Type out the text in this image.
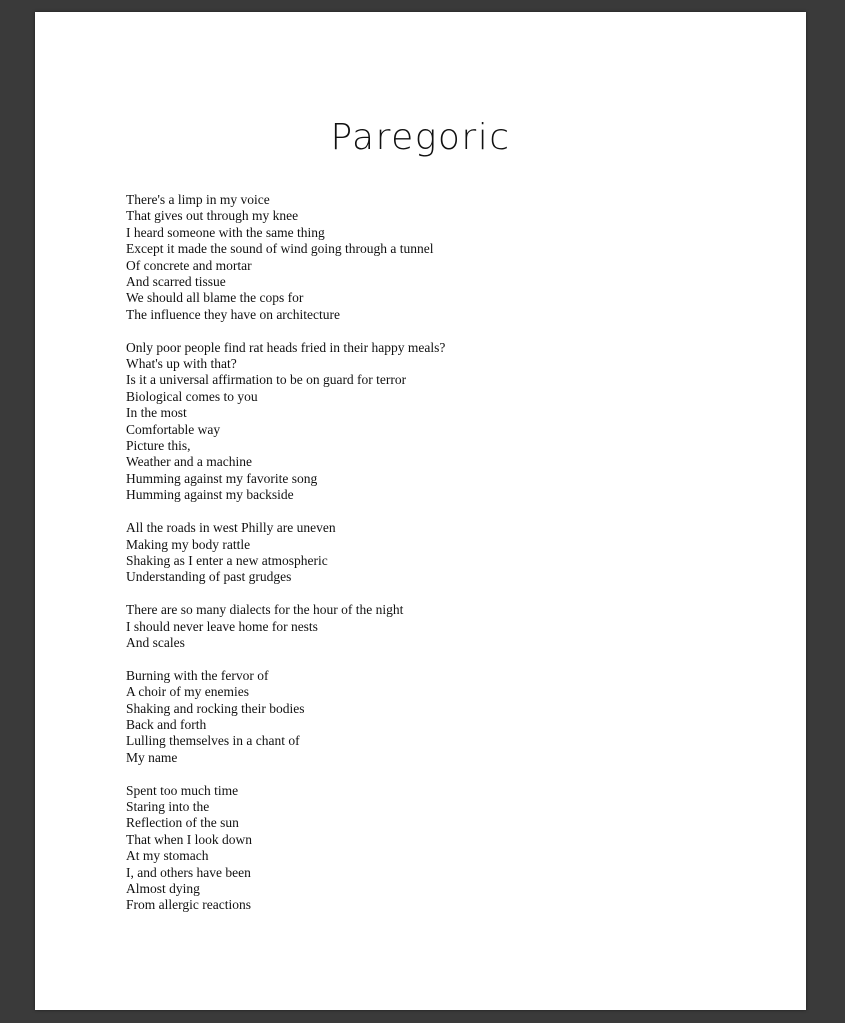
Paregoric
There's a limp in my voice
That gives out through my knee
I heard someone with the same thing
Except it made the sound of wind going through a tunnel
Of concrete and mortar
And scarred tissue
We should all blame the cops for
The influence they have on architecture
Only poor people find rat heads fried in their happy meals?
What's up with that?
Is it a universal affirmation to be on guard for terror
Biological comes to you
In the most
Comfortable way
Picture this,
Weather and a machine
Humming against my favorite song
Humming against my backside
All the roads in west Philly are uneven
Making my body rattle
Shaking as I enter a new atmospheric
Understanding of past grudges
There are so many dialects for the hour of the night
I should never leave home for nests
And scales
Burning with the fervor of
A choir of my enemies
Shaking and rocking their bodies
Back and forth
Lulling themselves in a chant of
My name
Spent too much time
Staring into the
Reflection of the sun
That when I look down
At my stomach
I, and others have been
Almost dying
From allergic reactions
